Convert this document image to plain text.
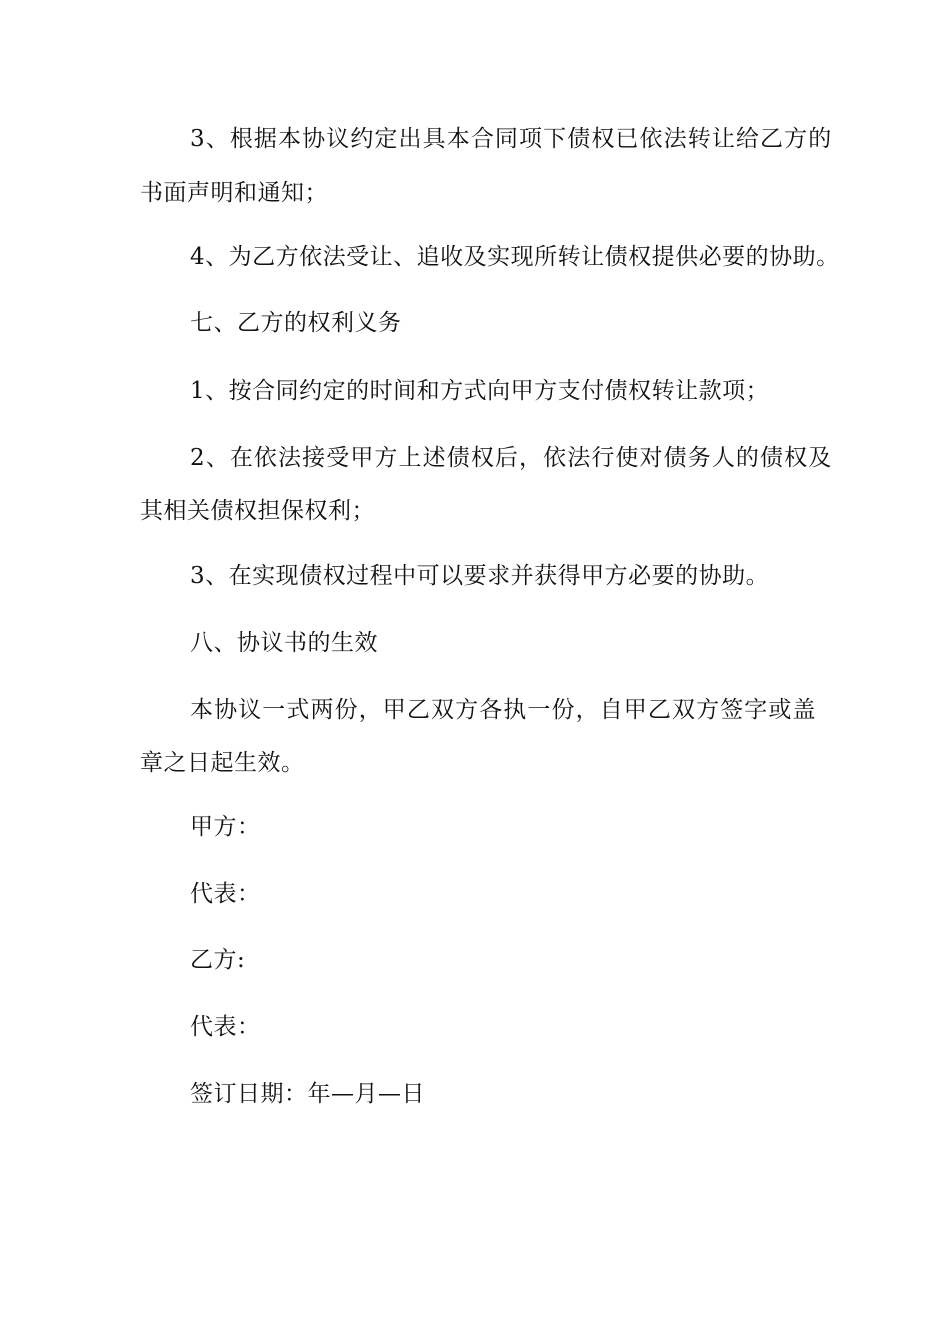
3、根据本协议约定出具本合同项下债权已依法转让给乙方的
书面声明和通知；
4、为乙方依法受让、追收及实现所转让债权提供必要的协助。
七、乙方的权利义务
1、按合同约定的时间和方式向甲方支付债权转让款项；
2、在依法接受甲方上述债权后，依法行使对债务人的债权及
其相关债权担保权利；
3、在实现债权过程中可以要求并获得甲方必要的协助。
八、协议书的生效
本协议一式两份，甲乙双方各执一份，自甲乙双方签字或盖
章之日起生效。
甲方：
代表：
乙方:
代表：
签订日期：年—月—日
